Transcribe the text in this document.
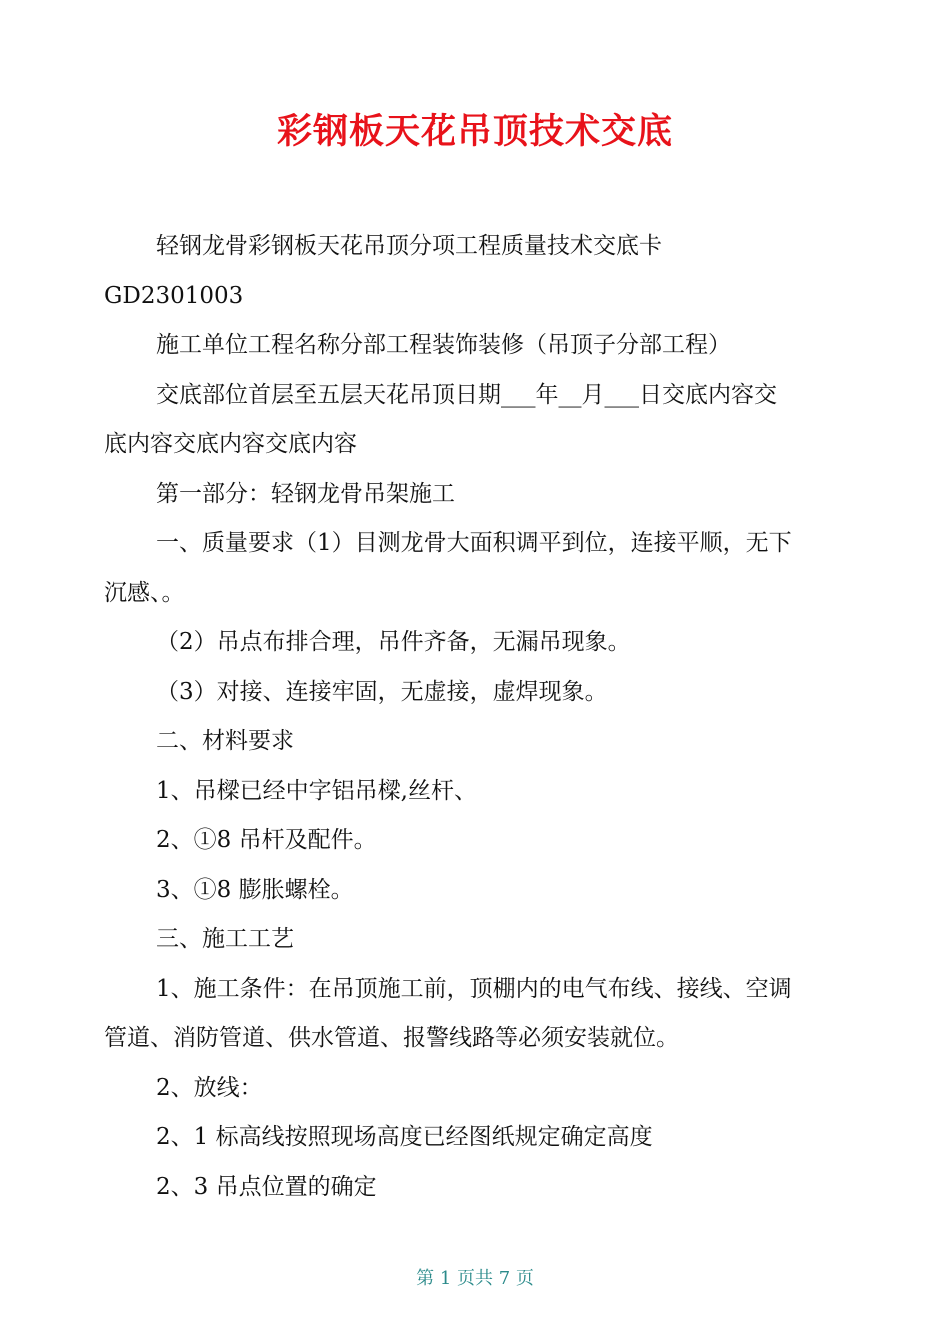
彩钢板天花吊顶技术交底
轻钢龙骨彩钢板天花吊顶分项工程质量技术交底卡
GD2301003
施工单位工程名称分部工程装饰装修（吊顶子分部工程）
交底部位首层至五层天花吊顶日期___年__月___日交底内容交
底内容交底内容交底内容
第一部分：轻钢龙骨吊架施工
一、质量要求（1）目测龙骨大面积调平到位，连接平顺，无下
沉感、。
（2）吊点布排合理，吊件齐备，无漏吊现象。
（3）对接、连接牢固，无虚接，虚焊现象。
二、材料要求
1、吊樑已经中字铝吊樑,丝杆、
2、①8 吊杆及配件。
3、①8 膨胀螺栓。
三、施工工艺
1、施工条件：在吊顶施工前，顶棚内的电气布线、接线、空调
管道、消防管道、供水管道、报警线路等必须安装就位。
2、放线：
2、1 标高线按照现场高度已经图纸规定确定高度
2、3 吊点位置的确定
第 1 页共 7 页
